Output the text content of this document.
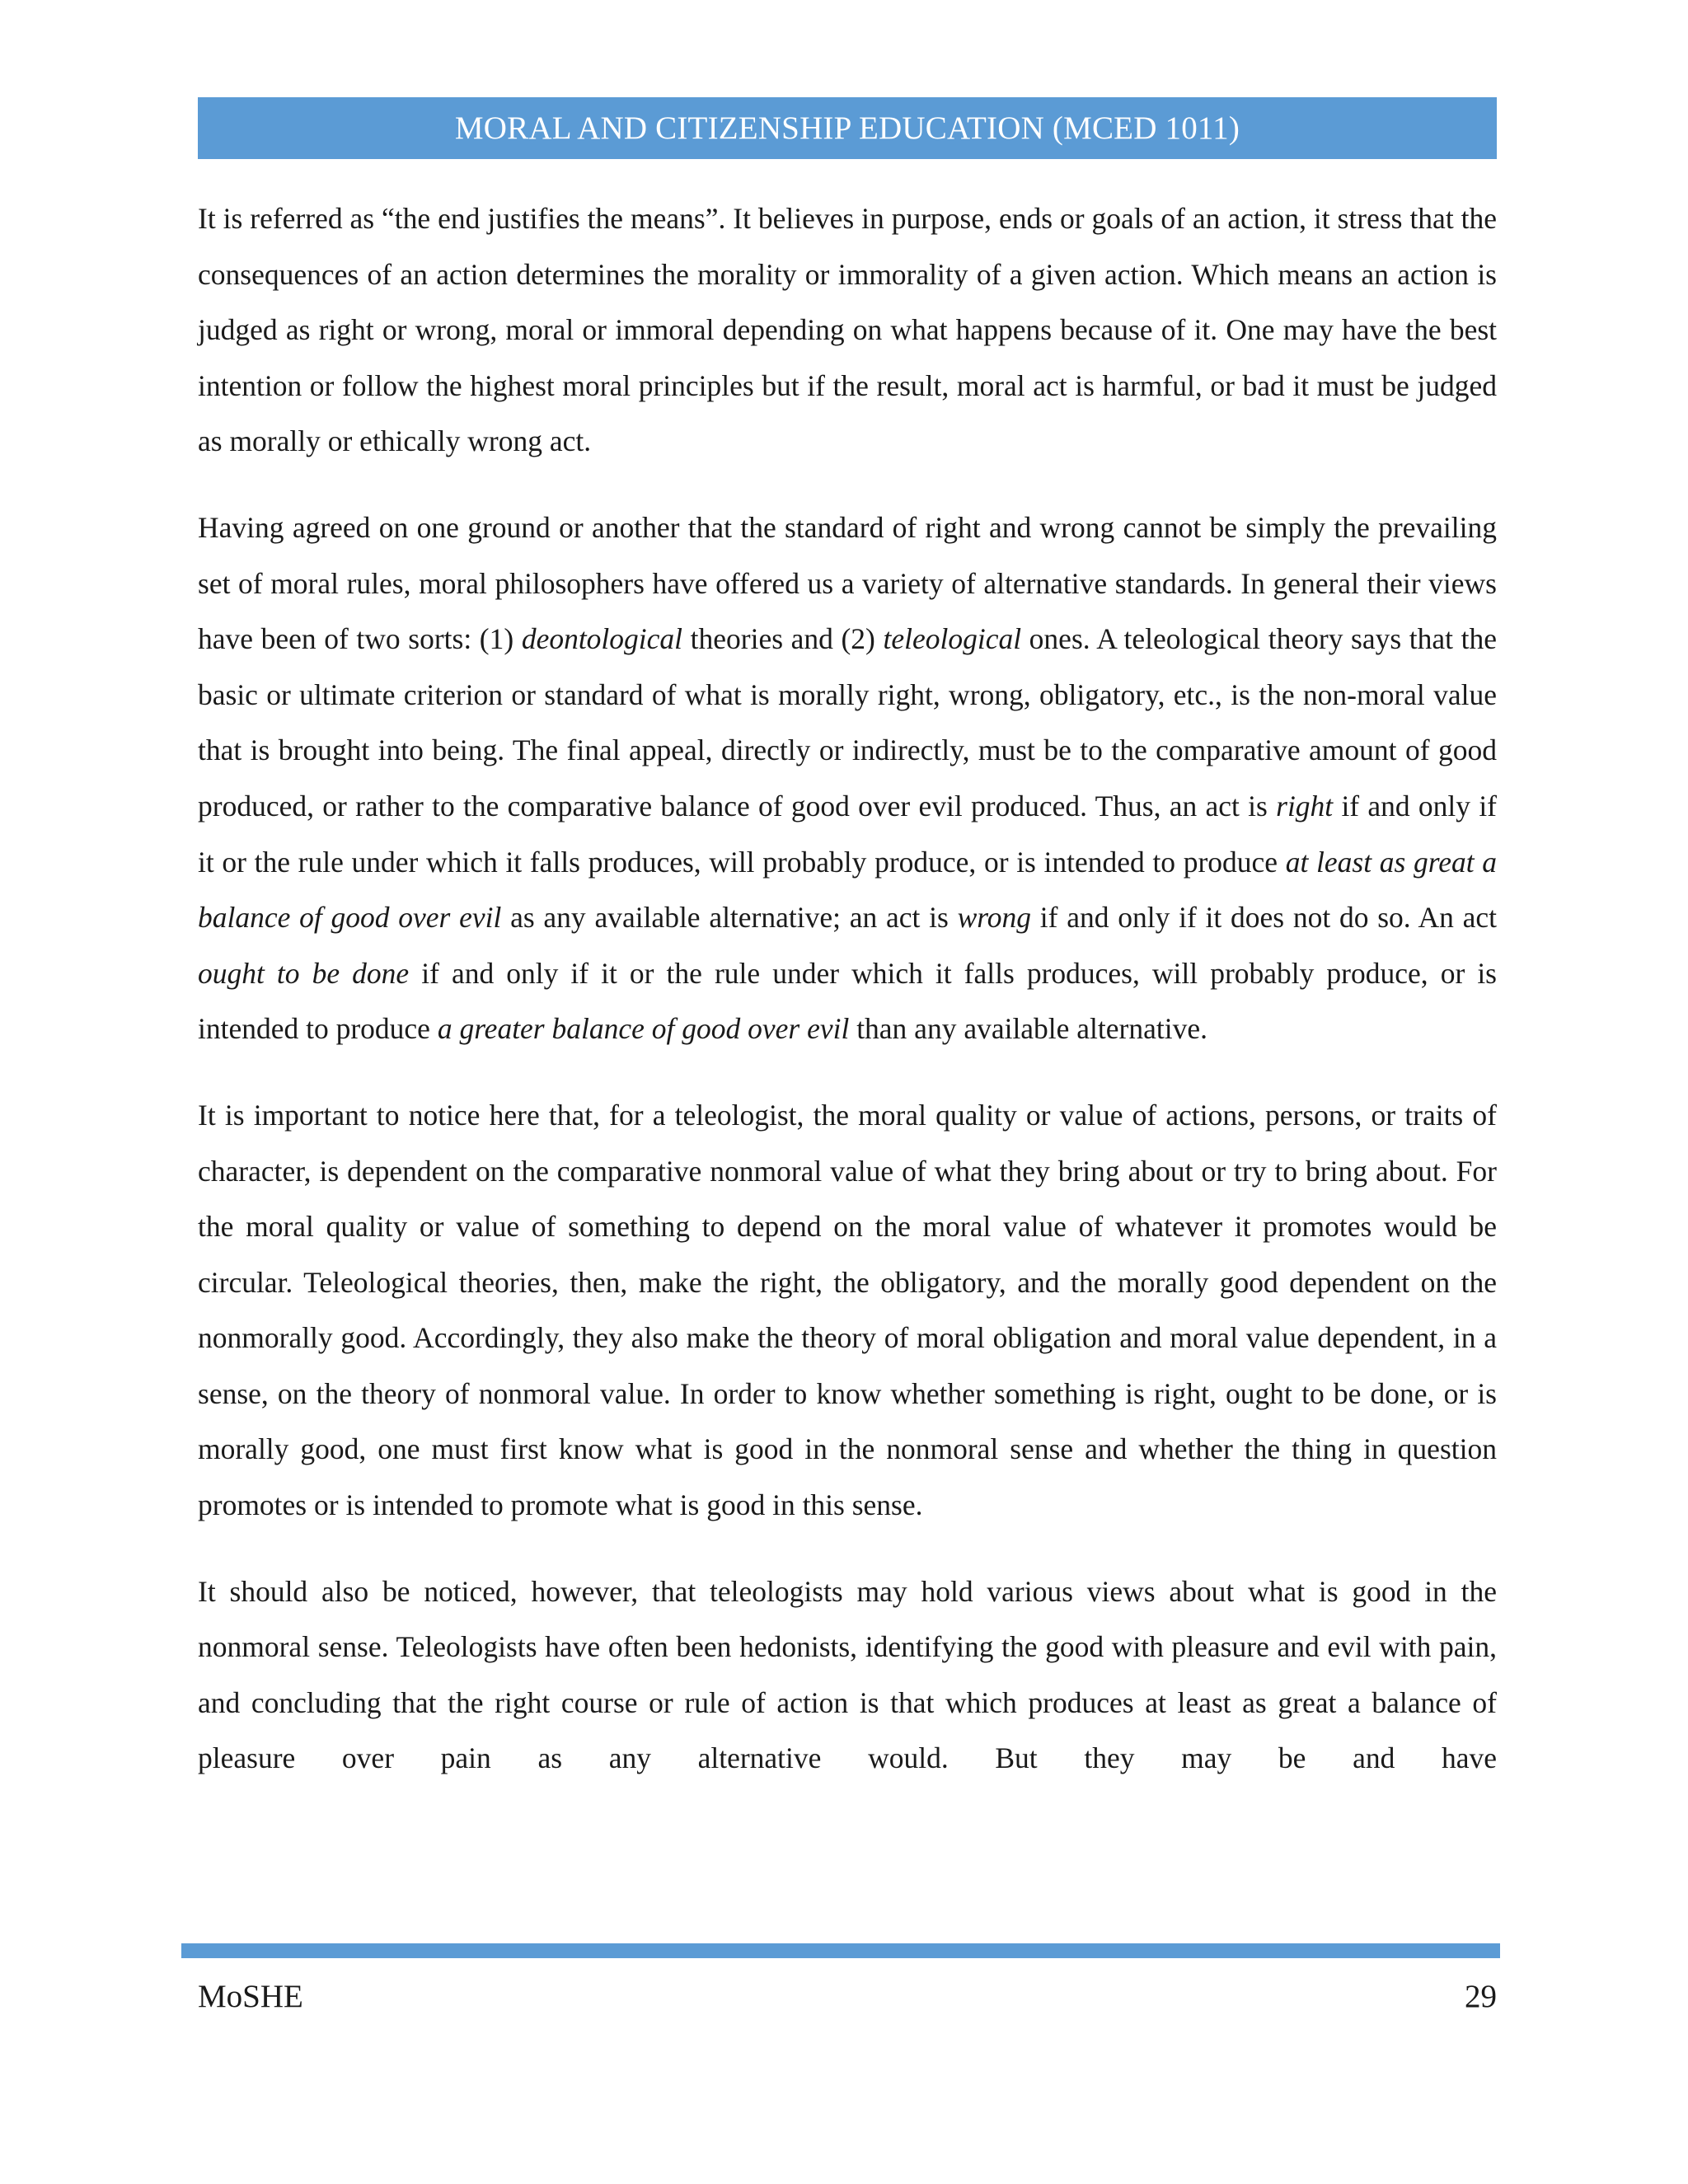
MORAL AND CITIZENSHIP EDUCATION (MCED 1011)

It is referred as “the end justifies the means”. It believes in purpose, ends or goals of an action, it stress that the consequences of an action determines the morality or immorality of a given action. Which means an action is judged as right or wrong, moral or immoral depending on what happens because of it. One may have the best intention or follow the highest moral principles but if the result, moral act is harmful, or bad it must be judged as morally or ethically wrong act.

Having agreed on one ground or another that the standard of right and wrong cannot be simply the prevailing set of moral rules, moral philosophers have offered us a variety of alternative standards. In general their views have been of two sorts: (1) deontological theories and (2) teleological ones. A teleological theory says that the basic or ultimate criterion or standard of what is morally right, wrong, obligatory, etc., is the non-moral value that is brought into being. The final appeal, directly or indirectly, must be to the comparative amount of good produced, or rather to the comparative balance of good over evil produced. Thus, an act is right if and only if it or the rule under which it falls produces, will probably produce, or is intended to produce at least as great a balance of good over evil as any available alternative; an act is wrong if and only if it does not do so. An act ought to be done if and only if it or the rule under which it falls produces, will probably produce, or is intended to produce a greater balance of good over evil than any available alternative.

It is important to notice here that, for a teleologist, the moral quality or value of actions, persons, or traits of character, is dependent on the comparative nonmoral value of what they bring about or try to bring about. For the moral quality or value of something to depend on the moral value of whatever it promotes would be circular. Teleological theories, then, make the right, the obligatory, and the morally good dependent on the nonmorally good. Accordingly, they also make the theory of moral obligation and moral value dependent, in a sense, on the theory of nonmoral value. In order to know whether something is right, ought to be done, or is morally good, one must first know what is good in the nonmoral sense and whether the thing in question promotes or is intended to promote what is good in this sense.

It should also be noticed, however, that teleologists may hold various views about what is good in the nonmoral sense. Teleologists have often been hedonists, identifying the good with pleasure and evil with pain, and concluding that the right course or rule of action is that which produces at least as great a balance of pleasure over pain as any alternative would. But they may be and have

MoSHE	29
